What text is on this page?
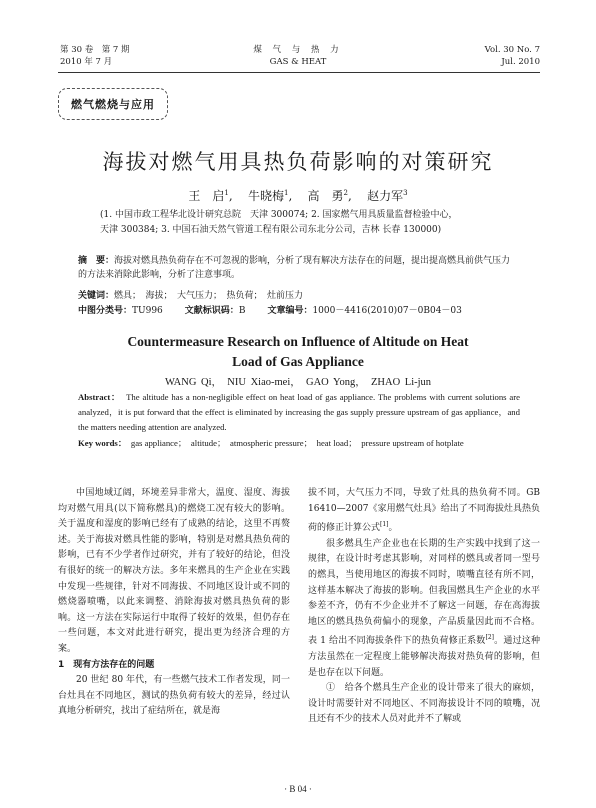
第 30 卷　第 7 期
2010 年 7 月
煤 气 与 热 力
GAS & HEAT
Vol. 30 No. 7
Jul. 2010
燃气燃烧与应用
海拔对燃气用具热负荷影响的对策研究
王　启$^1$,    牛晓梅$^1$,    高　勇$^2$,    赵力军$^3$
(1. 中国市政工程华北设计研究总院　天津 300074; 2. 国家燃气用具质量监督检验中心，
天津 300384; 3. 中国石油天然气管道工程有限公司东北分公司，吉林 长春 130000)
摘　要：海拔对燃具热负荷存在不可忽视的影响，分析了现有解决方法存在的问题，提出提高燃具前供气压力的方法来消除此影响，分析了注意事项。
关键词：燃具；　海拔；　大气压力；　热负荷；　灶前压力
中图分类号：TU996 文献标识码：B 文章编号：1000－4416(2010)07－0B04－03
Countermeasure Research on Influence of Altitude on Heat
Load of Gas Appliance
WANG Qi，　NIU Xiao-mei，　GAO Yong，　ZHAO Li-jun
Abstract： The altitude has a non-negligible effect on heat load of gas appliance. The problems with current solutions are analyzed，it is put forward that the effect is eliminated by increasing the gas supply pressure upstream of gas appliance，and the matters needing attention are analyzed.
Key words： gas appliance；　altitude；　atmospheric pressure；　heat load；　pressure upstream of hotplate

中国地域辽阔，环境差异非常大，温度、湿度、海拔均对燃气用具(以下简称燃具)的燃烧工况有较大的影响。关于温度和湿度的影响已经有了成熟的结论，这里不再赘述。关于海拔对燃具性能的影响，特别是对燃具热负荷的影响，已有不少学者作过研究，并有了较好的结论，但没有很好的统一的解决方法。多年来燃具的生产企业在实践中发现一些规律，针对不同海拔、不同地区设计或不同的燃烧器喷嘴，以此来调整、消除海拔对燃具热负荷的影响。这一方法在实际运行中取得了较好的效果，但仍存在一些问题，本文对此进行研究，提出更为经济合理的方案。

1　现有方法存在的问题

20 世纪 80 年代，有一些燃气技术工作者发现，同一台灶具在不同地区，测试的热负荷有较大的差异，经过认真地分析研究，找出了症结所在，就是海

拔不同，大气压力不同，导致了灶具的热负荷不同。GB 16410—2007《家用燃气灶具》给出了不同海拔灶具热负荷的修正计算公式[1]。

很多燃具生产企业也在长期的生产实践中找到了这一规律，在设计时考虑其影响，对同样的燃具或者同一型号的燃具，当使用地区的海拔不同时，喷嘴直径有所不同，这样基本解决了海拔的影响。但我国燃具生产企业的水平参差不齐，仍有不少企业并不了解这一问题，存在高海拔地区的燃具热负荷偏小的现象，产品质量因此而不合格。表 1 给出不同海拔条件下的热负荷修正系数[2]。通过这种方法虽然在一定程度上能够解决海拔对热负荷的影响，但是也存在以下问题。

①　给各个燃具生产企业的设计带来了很大的麻烦，设计时需要针对不同地区、不同海拔设计不同的喷嘴，况且还有不少的技术人员对此并不了解或

· B 04 ·
